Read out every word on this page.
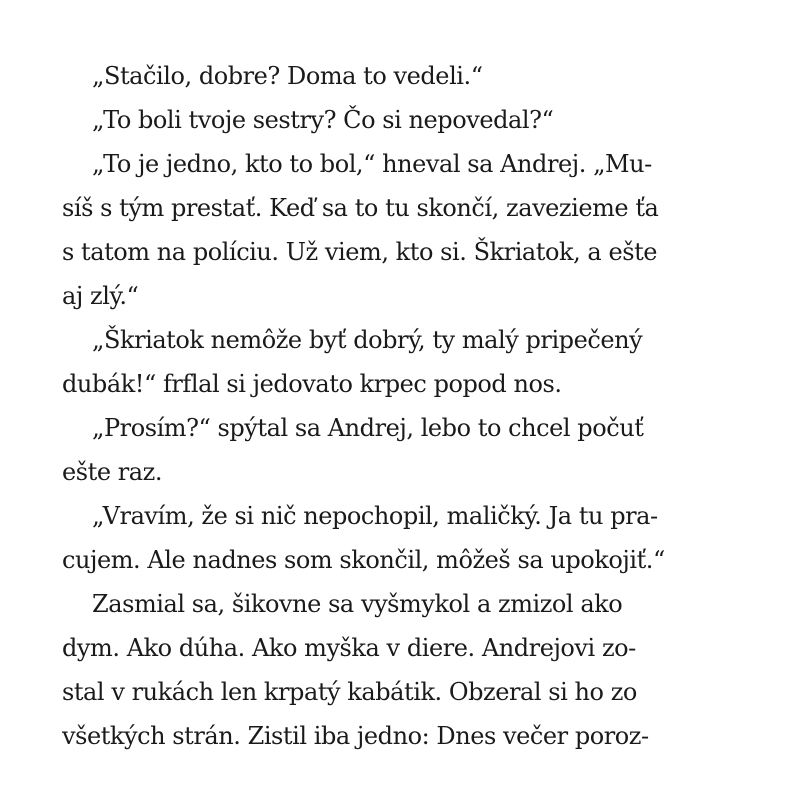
„Stačilo, dobre? Doma to vedeli.“
„To boli tvoje sestry? Čo si nepovedal?“
„To je jedno, kto to bol,“ hneval sa Andrej. „Mu-
síš s tým prestať. Keď sa to tu skončí, zavezieme ťa
s tatom na políciu. Už viem, kto si. Škriatok, a ešte
aj zlý.“
„Škriatok nemôže byť dobrý, ty malý pripečený
dubák!“ frflal si jedovato krpec popod nos.
„Prosím?“ spýtal sa Andrej, lebo to chcel počuť
ešte raz.
„Vravím, že si nič nepochopil, maličký. Ja tu pra-
cujem. Ale nadnes som skončil, môžeš sa upokojiť.“
Zasmial sa, šikovne sa vyšmykol a zmizol ako
dym. Ako dúha. Ako myška v diere. Andrejovi zo-
stal v rukách len krpatý kabátik. Obzeral si ho zo
všetkých strán. Zistil iba jedno: Dnes večer poroz-
